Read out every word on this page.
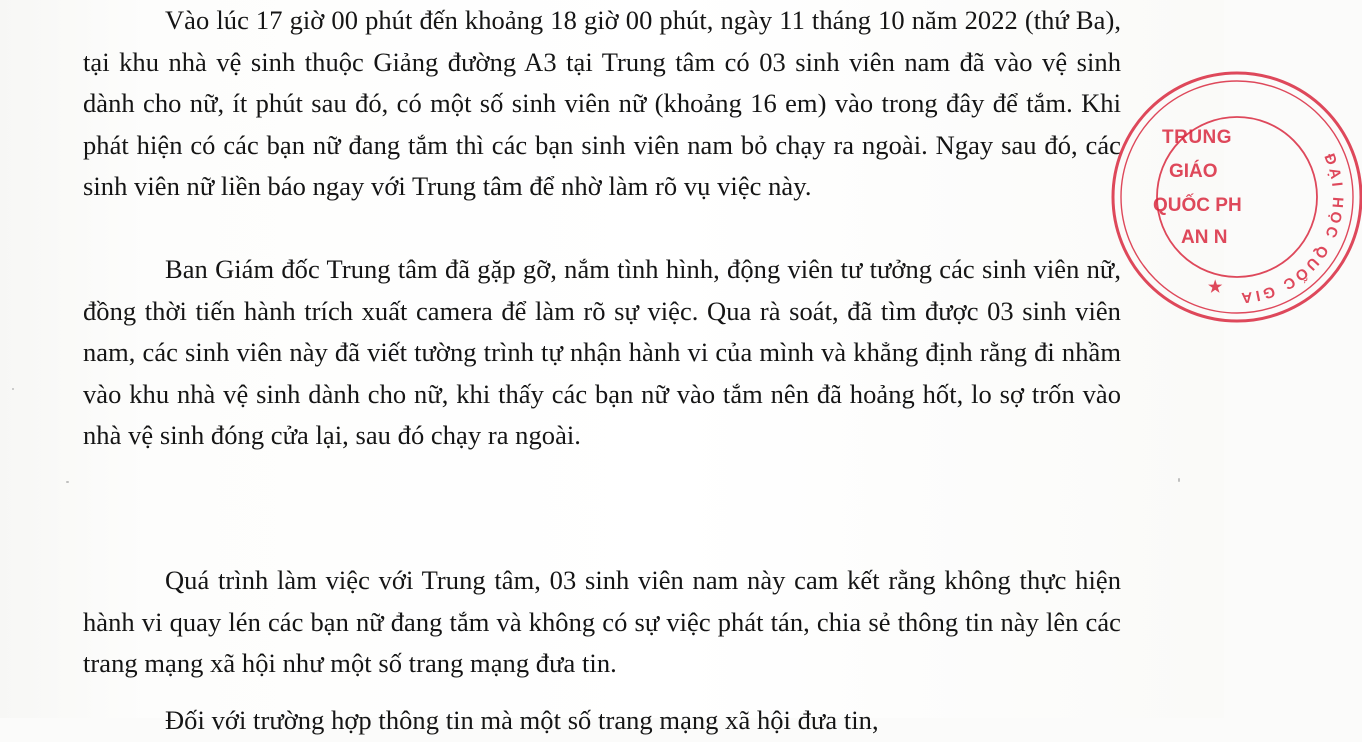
Vào lúc 17 giờ 00 phút đến khoảng 18 giờ 00 phút, ngày 11 tháng 10 năm 2022 (thứ Ba), tại khu nhà vệ sinh thuộc Giảng đường A3 tại Trung tâm có 03 sinh viên nam đã vào vệ sinh dành cho nữ, ít phút sau đó, có một số sinh viên nữ (khoảng 16 em) vào trong đây để tắm. Khi phát hiện có các bạn nữ đang tắm thì các bạn sinh viên nam bỏ chạy ra ngoài. Ngay sau đó, các sinh viên nữ liền báo ngay với Trung tâm để nhờ làm rõ vụ việc này.

Ban Giám đốc Trung tâm đã gặp gỡ, nắm tình hình, động viên tư tưởng các sinh viên nữ, đồng thời tiến hành trích xuất camera để làm rõ sự việc. Qua rà soát, đã tìm được 03 sinh viên nam, các sinh viên này đã viết tường trình tự nhận hành vi của mình và khẳng định rằng đi nhầm vào khu nhà vệ sinh dành cho nữ, khi thấy các bạn nữ vào tắm nên đã hoảng hốt, lo sợ trốn vào nhà vệ sinh đóng cửa lại, sau đó chạy ra ngoài.

Quá trình làm việc với Trung tâm, 03 sinh viên nam này cam kết rằng không thực hiện hành vi quay lén các bạn nữ đang tắm và không có sự việc phát tán, chia sẻ thông tin này lên các trang mạng xã hội như một số trang mạng đưa tin.

Đối với trường hợp thông tin mà một số trang mạng xã hội đưa tin,

ĐẠI HỌC QUỐC GIA
TRUNG
GIÁO
QUỐC PH
AN N
★
